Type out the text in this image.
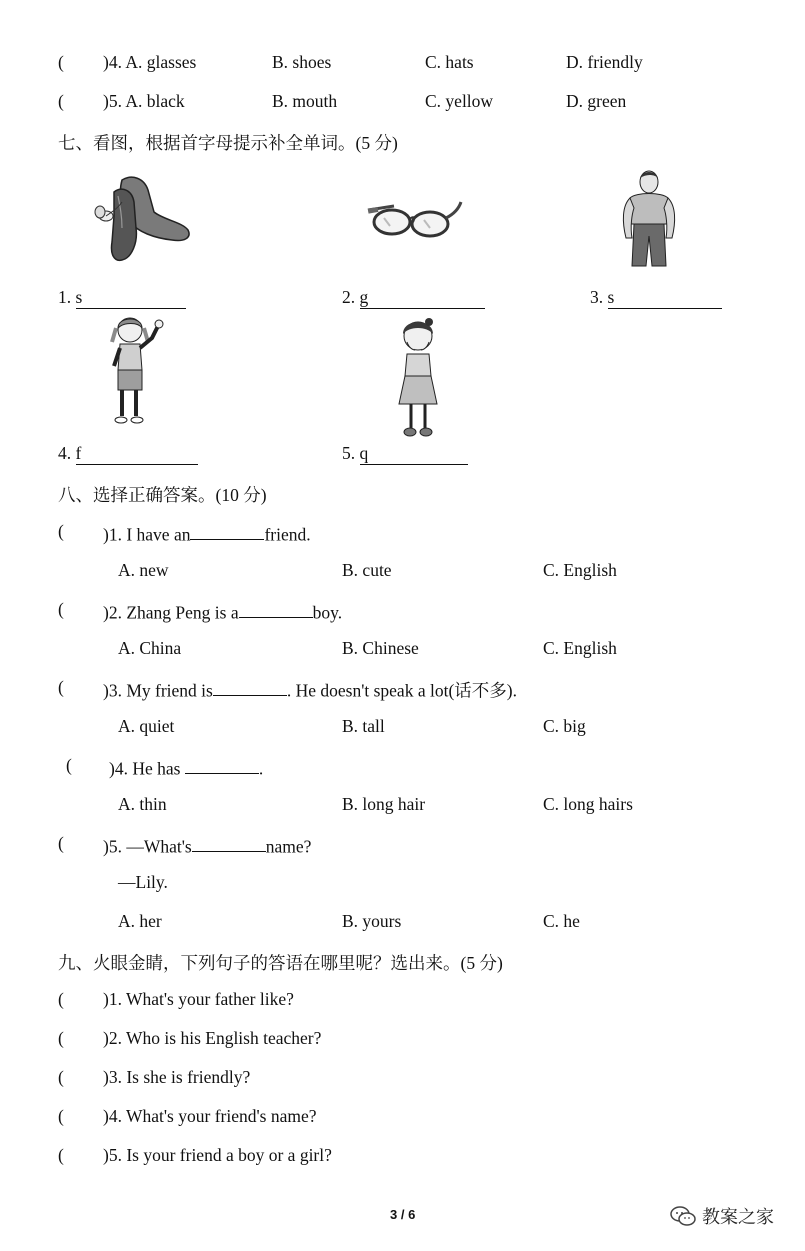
( )4. A. glasses	B. shoes	C. hats	D. friendly
( )5. A. black	B. mouth	C. yellow	D. green
七、看图，根据首字母提示补全单词。(5 分)
1. s	2. g	3. s
4. f	5. q
八、选择正确答案。(10 分)
( )1. I have an	friend.
A. new	B. cute	C. English
( )2. Zhang Peng is a	boy.
A. China	B. Chinese	C. English
( )3. My friend is	. He doesn't speak a lot(话不多).
A. quiet	B. tall	C. big
( )4. He has	.
A. thin	B. long hair	C. long hairs
( )5. —What's	name?
—Lily.
A. her	B. yours	C. he
九、火眼金睛，下列句子的答语在哪里呢？选出来。(5 分)
( )1. What's your father like?
( )2. Who is his English teacher?
( )3. Is she is friendly?
( )4. What's your friend's name?
( )5. Is your friend a boy or a girl?
3 / 6	教案之家
